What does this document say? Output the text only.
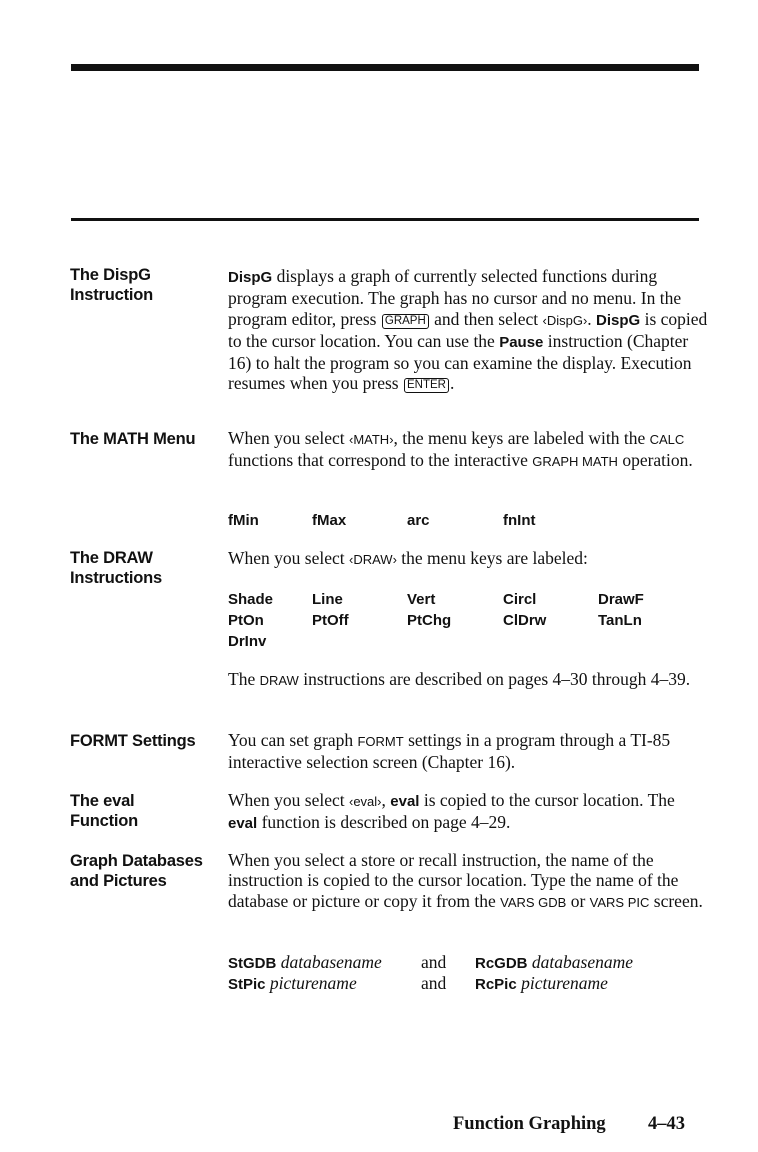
The DispG
Instruction
DispG displays a graph of currently selected functions during program execution. The graph has no cursor and no menu. In the program editor, press GRAPH and then select ‹DispG›. DispG is copied to the cursor location. You can use the Pause instruction (Chapter 16) to halt the program so you can examine the display. Execution resumes when you press ENTER .
The MATH Menu	When you select ‹MATH›, the menu keys are labeled with the CALC functions that correspond to the interactive GRAPH MATH operation.
fMin	fMax	arc	fnInt
The DRAW
Instructions
When you select ‹DRAW› the menu keys are labeled:
Shade	Line	Vert	Circl	DrawF
PtOn	PtOff	PtChg	ClDrw	TanLn
DrInv
The DRAW instructions are described on pages 4–30 through 4–39.
FORMT Settings	You can set graph FORMT settings in a program through a TI-85 interactive selection screen (Chapter 16).
The eval
Function
When you select ‹eval›, eval is copied to the cursor location. The eval function is described on page 4–29.
Graph Databases
and Pictures
When you select a store or recall instruction, the name of the instruction is copied to the cursor location. Type the name of the database or picture or copy it from the VARS GDB or VARS PIC screen.
StGDB databasename and RcGDB databasename
StPic picturename	and RcPic picturename
Function Graphing 4–43
